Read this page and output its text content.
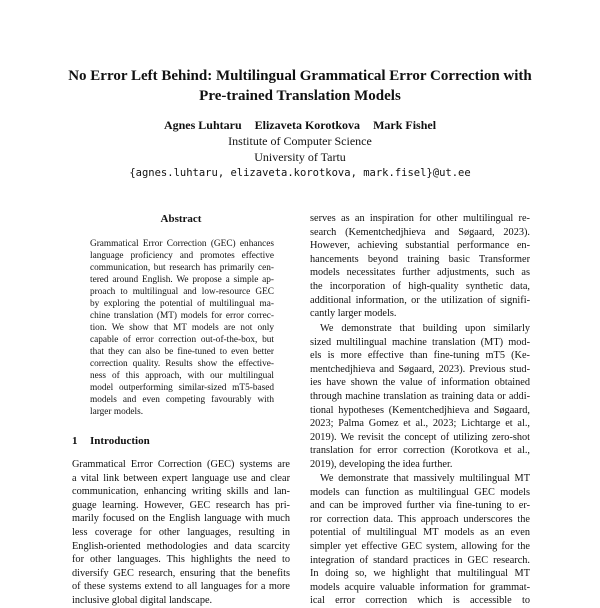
No Error Left Behind: Multilingual Grammatical Error Correction with
Pre-trained Translation Models
Agnes Luhtaru Elizaveta Korotkova Mark Fishel
Institute of Computer Science
University of Tartu
{agnes.luhtaru, elizaveta.korotkova, mark.fisel}@ut.ee
Abstract
Grammatical Error Correction (GEC) enhances
language proficiency and promotes effective
communication, but research has primarily cen-
tered around English. We propose a simple ap-
proach to multilingual and low-resource GEC
by exploring the potential of multilingual ma-
chine translation (MT) models for error correc-
tion. We show that MT models are not only
capable of error correction out-of-the-box, but
that they can also be fine-tuned to even better
correction quality. Results show the effective-
ness of this approach, with our multilingual
model outperforming similar-sized mT5-based
models and even competing favourably with
larger models.
1 Introduction
Grammatical Error Correction (GEC) systems are
a vital link between expert language use and clear
communication, enhancing writing skills and lan-
guage learning. However, GEC research has pri-
marily focused on the English language with much
less coverage for other languages, resulting in
English-oriented methodologies and data scarcity
for other languages. This highlights the need to
diversify GEC research, ensuring that the benefits
of these systems extend to all languages for a more
inclusive global digital landscape.
serves as an inspiration for other multilingual re-
search (Kementchedjhieva and Søgaard, 2023).
However, achieving substantial performance en-
hancements beyond training basic Transformer
models necessitates further adjustments, such as
the incorporation of high-quality synthetic data,
additional information, or the utilization of signifi-
cantly larger models.
We demonstrate that building upon similarly
sized multilingual machine translation (MT) mod-
els is more effective than fine-tuning mT5 (Ke-
mentchedjhieva and Søgaard, 2023). Previous stud-
ies have shown the value of information obtained
through machine translation as training data or addi-
tional hypotheses (Kementchedjhieva and Søgaard,
2023; Palma Gomez et al., 2023; Lichtarge et al.,
2019). We revisit the concept of utilizing zero-shot
translation for error correction (Korotkova et al.,
2019), developing the idea further.
We demonstrate that massively multilingual MT
models can function as multilingual GEC models
and can be improved further via fine-tuning to er-
ror correction data. This approach underscores the
potential of multilingual MT models as an even
simpler yet effective GEC system, allowing for the
integration of standard practices in GEC research.
In doing so, we highlight that multilingual MT
models acquire valuable information for grammat-
ical error correction which is accessible to
